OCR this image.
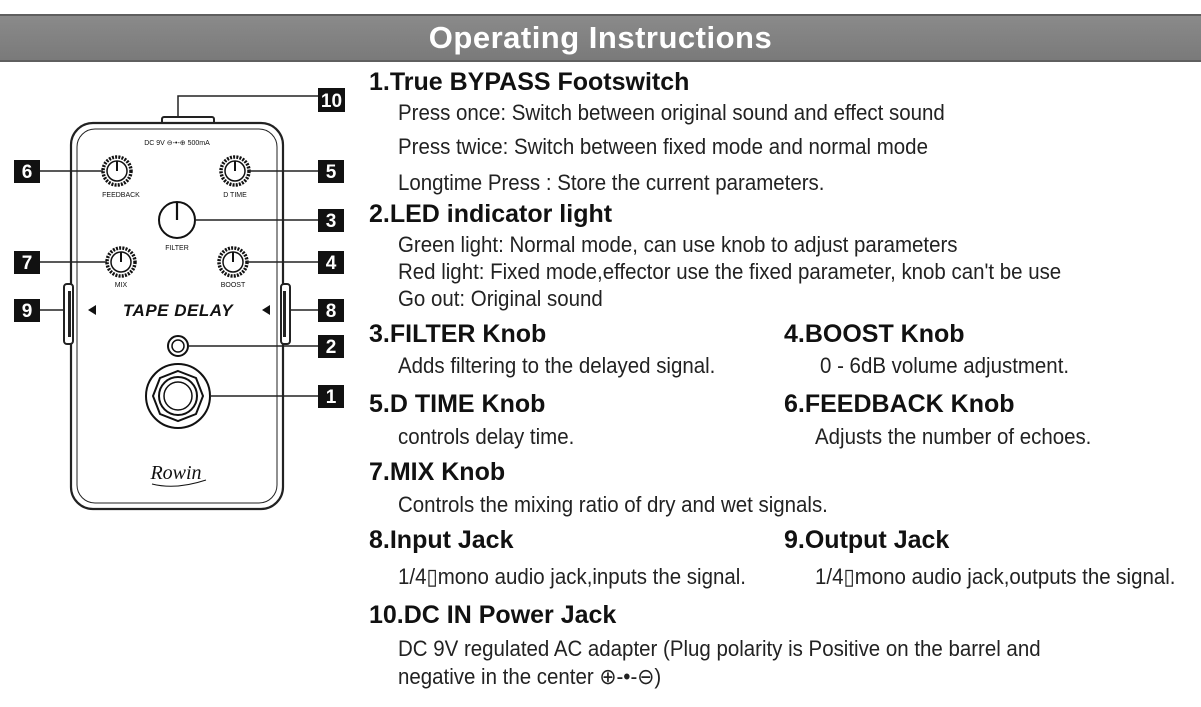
Operating Instructions
DC 9V ⊖-•-⊕ 500mA
FEEDBACK	D TIME
FILTER
MIX	BOOST
TAPE DELAY
Rowin
10
6	5
3
7	4
9	8
2
1
1.True BYPASS Footswitch
Press once: Switch between original sound and effect sound
Press twice: Switch between fixed mode and normal mode
Longtime Press : Store the current parameters.
2.LED indicator light
Green light: Normal mode, can use knob to adjust parameters
Red light: Fixed mode,effector use the fixed parameter, knob can't be use
Go out: Original sound
3.FILTER Knob
Adds filtering to the delayed signal.
4.BOOST Knob
0 - 6dB volume adjustment.
5.D TIME Knob
controls delay time.
6.FEEDBACK Knob
Adjusts the number of echoes.
7.MIX Knob
Controls the mixing ratio of dry and wet signals.
8.Input Jack
1/4▯mono audio jack,inputs the signal.
9.Output Jack
1/4▯mono audio jack,outputs the signal.
10.DC IN Power Jack
DC 9V regulated AC adapter (Plug polarity is Positive on the barrel and
negative in the center ⊕-•-⊖)
